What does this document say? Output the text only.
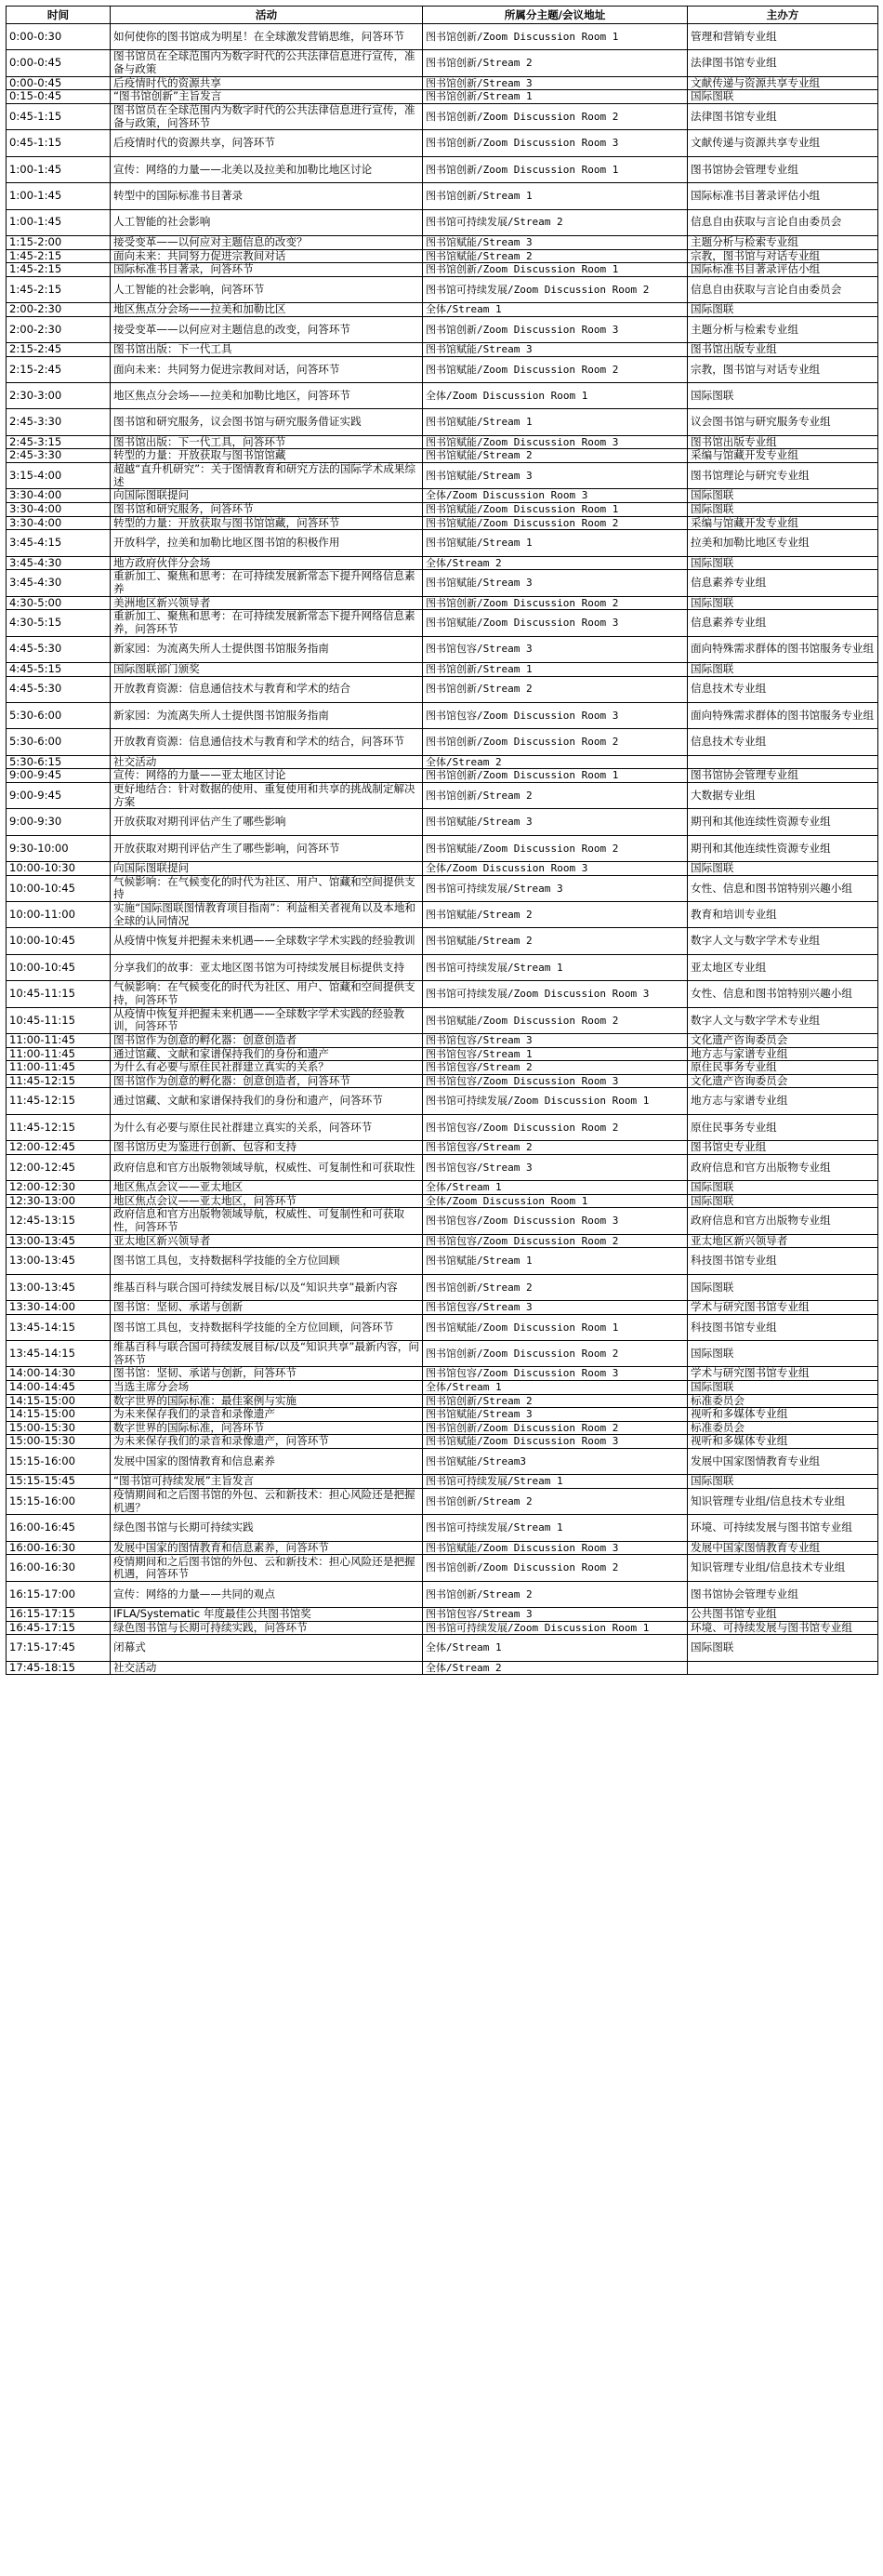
时间	活动	所属分主题/会议地址	主办方
0:00-0:30	如何使你的图书馆成为明星！在全球激发营销思维，问答环节	图书馆创新/Zoom Discussion Room 1	管理和营销专业组
0:00-0:45	图书馆员在全球范围内为数字时代的公共法律信息进行宣传，准备与政策	图书馆创新/Stream 2	法律图书馆专业组
0:00-0:45	后疫情时代的资源共享	图书馆创新/Stream 3	文献传递与资源共享专业组
0:15-0:45	“图书馆创新”主旨发言	图书馆创新/Stream 1	国际图联
0:45-1:15	图书馆员在全球范围内为数字时代的公共法律信息进行宣传，准备与政策，问答环节	图书馆创新/Zoom Discussion Room 2	法律图书馆专业组
0:45-1:15	后疫情时代的资源共享，问答环节	图书馆创新/Zoom Discussion Room 3	文献传递与资源共享专业组
1:00-1:45	宣传：网络的力量——北美以及拉美和加勒比地区讨论	图书馆创新/Zoom Discussion Room 1	图书馆协会管理专业组
1:00-1:45	转型中的国际标准书目著录	图书馆创新/Stream 1	国际标准书目著录评估小组
1:00-1:45	人工智能的社会影响	图书馆可持续发展/Stream 2	信息自由获取与言论自由委员会
1:15-2:00	接受变革——以何应对主题信息的改变？	图书馆赋能/Stream 3	主题分析与检索专业组
1:45-2:15	面向未来：共同努力促进宗教间对话	图书馆赋能/Stream 2	宗教，图书馆与对话专业组
1:45-2:15	国际标准书目著录，问答环节	图书馆创新/Zoom Discussion Room 1	国际标准书目著录评估小组
1:45-2:15	人工智能的社会影响，问答环节	图书馆可持续发展/Zoom Discussion Room 2	信息自由获取与言论自由委员会
2:00-2:30	地区焦点分会场——拉美和加勒比区	全体/Stream 1	国际图联
2:00-2:30	接受变革——以何应对主题信息的改变，问答环节	图书馆创新/Zoom Discussion Room 3	主题分析与检索专业组
2:15-2:45	图书馆出版：下一代工具	图书馆赋能/Stream 3	图书馆出版专业组
2:15-2:45	面向未来：共同努力促进宗教间对话，问答环节	图书馆赋能/Zoom Discussion Room 2	宗教，图书馆与对话专业组
2:30-3:00	地区焦点分会场——拉美和加勒比地区，问答环节	全体/Zoom Discussion Room 1	国际图联
2:45-3:30	图书馆和研究服务，议会图书馆与研究服务借证实践	图书馆赋能/Stream 1	议会图书馆与研究服务专业组
2:45-3:15	图书馆出版：下一代工具，问答环节	图书馆赋能/Zoom Discussion Room 3	图书馆出版专业组
2:45-3:30	转型的力量：开放获取与图书馆馆藏	图书馆赋能/Stream 2	采编与馆藏开发专业组
3:15-4:00	超越“直升机研究”：关于图情教育和研究方法的国际学术成果综述	图书馆赋能/Stream 3	图书馆理论与研究专业组
3:30-4:00	向国际图联提问	全体/Zoom Discussion Room 3	国际图联
3:30-4:00	图书馆和研究服务，问答环节	图书馆赋能/Zoom Discussion Room 1	国际图联
3:30-4:00	转型的力量：开放获取与图书馆馆藏，问答环节	图书馆赋能/Zoom Discussion Room 2	采编与馆藏开发专业组
3:45-4:15	开放科学，拉美和加勒比地区图书馆的积极作用	图书馆赋能/Stream 1	拉美和加勒比地区专业组
3:45-4:30	地方政府伙伴分会场	全体/Stream 2	国际图联
3:45-4:30	重新加工、聚焦和思考：在可持续发展新常态下提升网络信息素养	图书馆赋能/Stream 3	信息素养专业组
4:30-5:00	美洲地区新兴领导者	图书馆创新/Zoom Discussion Room 2	国际图联
4:30-5:15	重新加工、聚焦和思考：在可持续发展新常态下提升网络信息素养，问答环节	图书馆赋能/Zoom Discussion Room 3	信息素养专业组
4:45-5:30	新家园：为流离失所人士提供图书馆服务指南	图书馆包容/Stream 3	面向特殊需求群体的图书馆服务专业组
4:45-5:15	国际图联部门颁奖	图书馆创新/Stream 1	国际图联
4:45-5:30	开放教育资源：信息通信技术与教育和学术的结合	图书馆创新/Stream 2	信息技术专业组
5:30-6:00	新家园：为流离失所人士提供图书馆服务指南	图书馆包容/Zoom Discussion Room 3	面向特殊需求群体的图书馆服务专业组
5:30-6:00	开放教育资源：信息通信技术与教育和学术的结合，问答环节	图书馆创新/Zoom Discussion Room 2	信息技术专业组
5:30-6:15	社交活动	全体/Stream 2	
9:00-9:45	宣传：网络的力量——亚太地区讨论	图书馆创新/Zoom Discussion Room 1	图书馆协会管理专业组
9:00-9:45	更好地结合：针对数据的使用、重复使用和共享的挑战制定解决方案	图书馆创新/Stream 2	大数据专业组
9:00-9:30	开放获取对期刊评估产生了哪些影响	图书馆赋能/Stream 3	期刊和其他连续性资源专业组
9:30-10:00	开放获取对期刊评估产生了哪些影响，问答环节	图书馆赋能/Zoom Discussion Room 2	期刊和其他连续性资源专业组
10:00-10:30	向国际图联提问	全体/Zoom Discussion Room 3	国际图联
10:00-10:45	气候影响：在气候变化的时代为社区、用户、馆藏和空间提供支持	图书馆可持续发展/Stream 3	女性、信息和图书馆特别兴趣小组
10:00-11:00	实施“国际图联图情教育项目指南”：利益相关者视角以及本地和全球的认同情况	图书馆赋能/Stream 2	教育和培训专业组
10:00-10:45	从疫情中恢复并把握未来机遇——全球数字学术实践的经验教训	图书馆赋能/Stream 2	数字人文与数字学术专业组
10:00-10:45	分享我们的故事：亚太地区图书馆为可持续发展目标提供支持	图书馆可持续发展/Stream 1	亚太地区专业组
10:45-11:15	气候影响：在气候变化的时代为社区、用户、馆藏和空间提供支持，问答环节	图书馆可持续发展/Zoom Discussion Room 3	女性、信息和图书馆特别兴趣小组
10:45-11:15	从疫情中恢复并把握未来机遇——全球数字学术实践的经验教训，问答环节	图书馆赋能/Zoom Discussion Room 2	数字人文与数字学术专业组
11:00-11:45	图书馆作为创意的孵化器：创意创造者	图书馆包容/Stream 3	文化遗产咨询委员会
11:00-11:45	通过馆藏、文献和家谱保持我们的身份和遗产	图书馆包容/Stream 1	地方志与家谱专业组
11:00-11:45	为什么有必要与原住民社群建立真实的关系？	图书馆包容/Stream 2	原住民事务专业组
11:45-12:15	图书馆作为创意的孵化器：创意创造者，问答环节	图书馆包容/Zoom Discussion Room 3	文化遗产咨询委员会
11:45-12:15	通过馆藏、文献和家谱保持我们的身份和遗产，问答环节	图书馆可持续发展/Zoom Discussion Room 1	地方志与家谱专业组
11:45-12:15	为什么有必要与原住民社群建立真实的关系，问答环节	图书馆包容/Zoom Discussion Room 2	原住民事务专业组
12:00-12:45	图书馆历史为鉴进行创新、包容和支持	图书馆包容/Stream 2	图书馆史专业组
12:00-12:45	政府信息和官方出版物领域导航，权威性、可复制性和可获取性	图书馆包容/Stream 3	政府信息和官方出版物专业组
12:00-12:30	地区焦点会议——亚太地区	全体/Stream 1	国际图联
12:30-13:00	地区焦点会议——亚太地区，问答环节	全体/Zoom Discussion Room 1	国际图联
12:45-13:15	政府信息和官方出版物领域导航，权威性、可复制性和可获取性，问答环节	图书馆包容/Zoom Discussion Room 3	政府信息和官方出版物专业组
13:00-13:45	亚太地区新兴领导者	图书馆包容/Zoom Discussion Room 2	亚太地区新兴领导者
13:00-13:45	图书馆工具包，支持数据科学技能的全方位回顾	图书馆赋能/Stream 1	科技图书馆专业组
13:00-13:45	维基百科与联合国可持续发展目标/以及“知识共享”最新内容	图书馆创新/Stream 2	国际图联
13:30-14:00	图书馆：坚韧、承诺与创新	图书馆包容/Stream 3	学术与研究图书馆专业组
13:45-14:15	图书馆工具包，支持数据科学技能的全方位回顾，问答环节	图书馆赋能/Zoom Discussion Room 1	科技图书馆专业组
13:45-14:15	维基百科与联合国可持续发展目标/以及“知识共享”最新内容，问答环节	图书馆创新/Zoom Discussion Room 2	国际图联
14:00-14:30	图书馆：坚韧、承诺与创新，问答环节	图书馆包容/Zoom Discussion Room 3	学术与研究图书馆专业组
14:00-14:45	当选主席分会场	全体/Stream 1	国际图联
14:15-15:00	数字世界的国际标准：最佳案例与实施	图书馆创新/Stream 2	标准委员会
14:15-15:00	为未来保存我们的录音和录像遗产	图书馆赋能/Stream 3	视听和多媒体专业组
15:00-15:30	数字世界的国际标准，问答环节	图书馆创新/Zoom Discussion Room 2	标准委员会
15:00-15:30	为未来保存我们的录音和录像遗产，问答环节	图书馆赋能/Zoom Discussion Room 3	视听和多媒体专业组
15:15-16:00	发展中国家的图情教育和信息素养	图书馆赋能/Stream3	发展中国家图情教育专业组
15:15-15:45	“图书馆可持续发展”主旨发言	图书馆可持续发展/Stream 1	国际图联
15:15-16:00	疫情期间和之后图书馆的外包、云和新技术：担心风险还是把握机遇？	图书馆创新/Stream 2	知识管理专业组/信息技术专业组
16:00-16:45	绿色图书馆与长期可持续实践	图书馆可持续发展/Stream 1	环境、可持续发展与图书馆专业组
16:00-16:30	发展中国家的图情教育和信息素养，问答环节	图书馆赋能/Zoom Discussion Room 3	发展中国家图情教育专业组
16:00-16:30	疫情期间和之后图书馆的外包、云和新技术：担心风险还是把握机遇，问答环节	图书馆创新/Zoom Discussion Room 2	知识管理专业组/信息技术专业组
16:15-17:00	宣传：网络的力量——共同的观点	图书馆创新/Stream 2	图书馆协会管理专业组
16:15-17:15	IFLA/Systematic 年度最佳公共图书馆奖	图书馆包容/Stream 3	公共图书馆专业组
16:45-17:15	绿色图书馆与长期可持续实践，问答环节	图书馆可持续发展/Zoom Discussion Room 1	环境、可持续发展与图书馆专业组
17:15-17:45	闭幕式	全体/Stream 1	国际图联
17:45-18:15	社交活动	全体/Stream 2	
